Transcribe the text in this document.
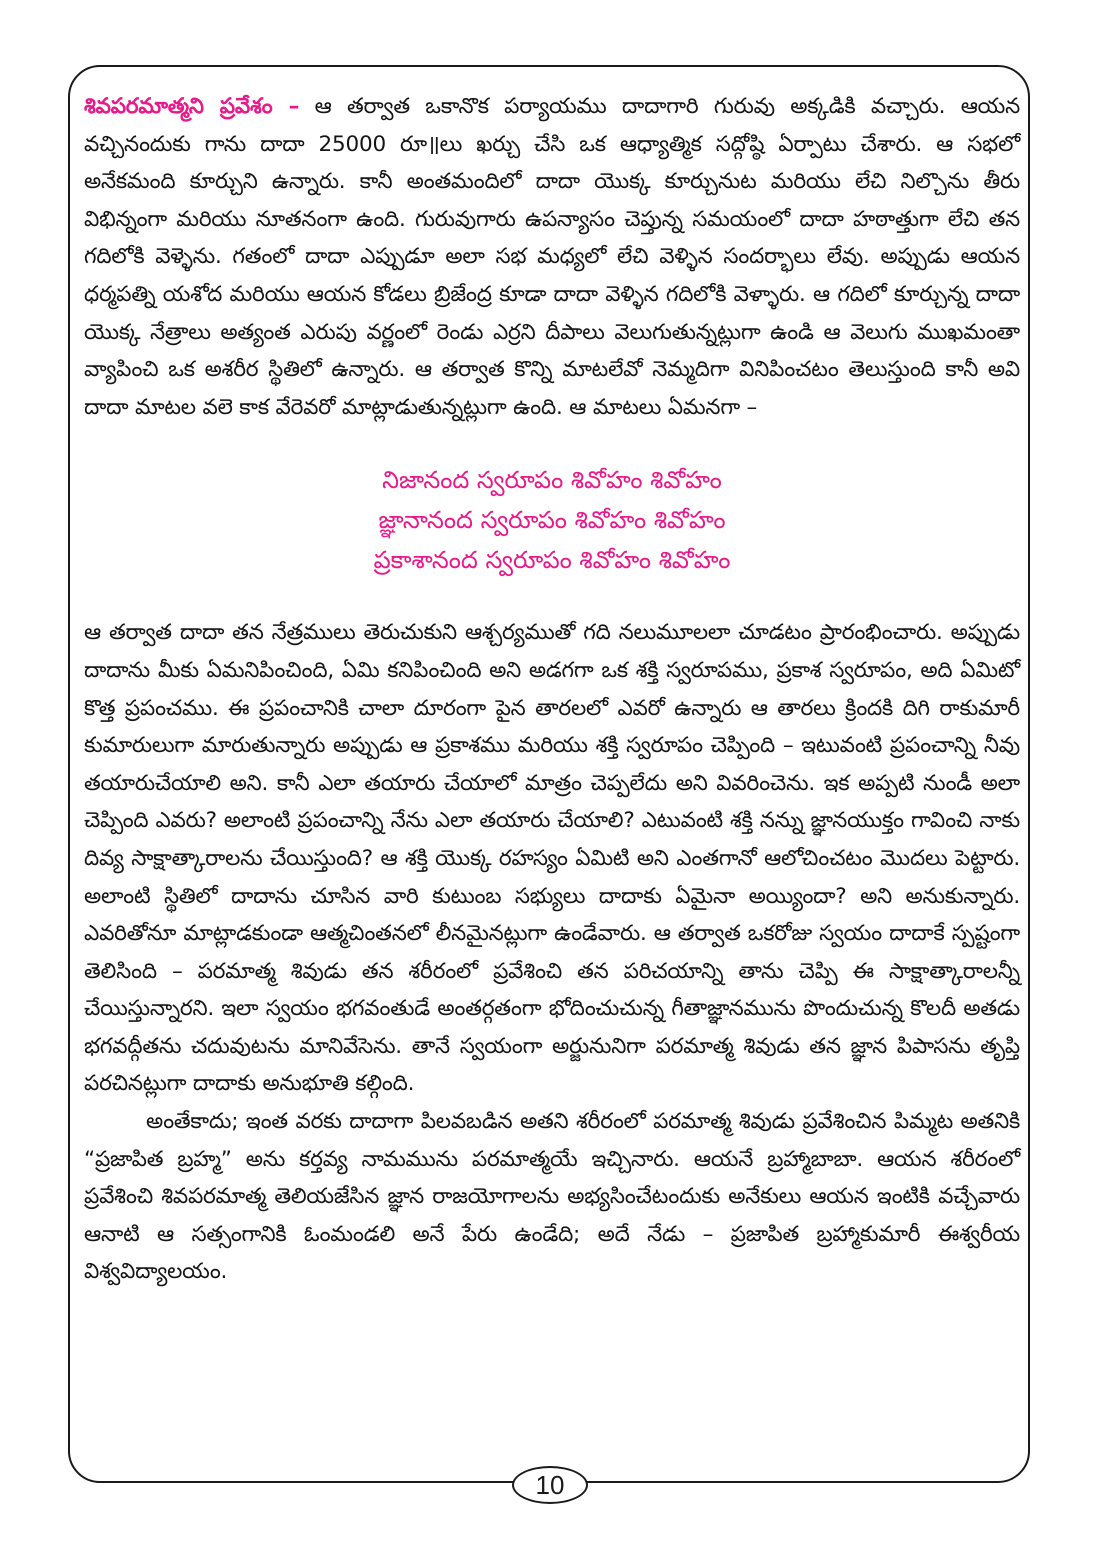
శివపరమాత్మని ప్రవేశం – ఆ తర్వాత ఒకానొక పర్యాయము దాదాగారి గురువు అక్కడికి వచ్చారు. ఆయన వచ్చినందుకు గాను దాదా 25000 రూ॥లు ఖర్చు చేసి ఒక ఆధ్యాత్మిక సద్గోష్ఠి ఏర్పాటు చేశారు. ఆ సభలో అనేకమంది కూర్చుని ఉన్నారు. కానీ అంతమందిలో దాదా యొక్క కూర్చునుట మరియు లేచి నిల్చొను తీరు విభిన్నంగా మరియు నూతనంగా ఉంది. గురువుగారు ఉపన్యాసం చెప్తున్న సమయంలో దాదా హఠాత్తుగా లేచి తన గదిలోకి వెళ్ళెను. గతంలో దాదా ఎప్పుడూ అలా సభ మధ్యలో లేచి వెళ్ళిన సందర్భాలు లేవు. అప్పుడు ఆయన ధర్మపత్ని యశోద మరియు ఆయన కోడలు బ్రిజేంద్ర కూడా దాదా వెళ్ళిన గదిలోకి వెళ్ళారు. ఆ గదిలో కూర్చున్న దాదా యొక్క నేత్రాలు అత్యంత ఎరుపు వర్ణంలో రెండు ఎర్రని దీపాలు వెలుగుతున్నట్లుగా ఉండి ఆ వెలుగు ముఖమంతా వ్యాపించి ఒక అశరీర స్థితిలో ఉన్నారు. ఆ తర్వాత కొన్ని మాటలేవో నెమ్మదిగా వినిపించటం తెలుస్తుంది కానీ అవి దాదా మాటల వలె కాక వేరెవరో మాట్లాడుతున్నట్లుగా ఉంది. ఆ మాటలు ఏమనగా –

నిజానంద స్వరూపం శివోహం శివోహం
జ్ఞానానంద స్వరూపం శివోహం శివోహం
ప్రకాశానంద స్వరూపం శివోహం శివోహం

ఆ తర్వాత దాదా తన నేత్రములు తెరుచుకుని ఆశ్చర్యముతో గది నలుమూలలా చూడటం ప్రారంభించారు. అప్పుడు దాదాను మీకు ఏమనిపించింది, ఏమి కనిపించింది అని అడగగా ఒక శక్తి స్వరూపము, ప్రకాశ స్వరూపం, అది ఏమిటో కొత్త ప్రపంచము. ఈ ప్రపంచానికి చాలా దూరంగా పైన తారలలో ఎవరో ఉన్నారు ఆ తారలు క్రిందకి దిగి రాకుమారీ కుమారులుగా మారుతున్నారు అప్పుడు ఆ ప్రకాశము మరియు శక్తి స్వరూపం చెప్పింది – ఇటువంటి ప్రపంచాన్ని నీవు తయారుచేయాలి అని. కానీ ఎలా తయారు చేయాలో మాత్రం చెప్పలేదు అని వివరించెను. ఇక అప్పటి నుండీ అలా చెప్పింది ఎవరు? అలాంటి ప్రపంచాన్ని నేను ఎలా తయారు చేయాలి? ఎటువంటి శక్తి నన్ను జ్ఞానయుక్తం గావించి నాకు దివ్య సాక్షాత్కారాలను చేయిస్తుంది? ఆ శక్తి యొక్క రహస్యం ఏమిటి అని ఎంతగానో ఆలోచించటం మొదలు పెట్టారు. అలాంటి స్థితిలో దాదాను చూసిన వారి కుటుంబ సభ్యులు దాదాకు ఏమైనా అయ్యిందా? అని అనుకున్నారు. ఎవరితోనూ మాట్లాడకుండా ఆత్మచింతనలో లీనమైనట్లుగా ఉండేవారు. ఆ తర్వాత ఒకరోజు స్వయం దాదాకే స్పష్టంగా తెలిసింది – పరమాత్మ శివుడు తన శరీరంలో ప్రవేశించి తన పరిచయాన్ని తాను చెప్పి ఈ సాక్షాత్కారాలన్నీ చేయిస్తున్నారని. ఇలా స్వయం భగవంతుడే అంతర్గతంగా భోదించుచున్న గీతాజ్ఞానమును పొందుచున్న కొలదీ అతడు భగవద్గీతను చదువుటను మానివేసెను. తానే స్వయంగా అర్జునునిగా పరమాత్మ శివుడు తన జ్ఞాన పిపాసను తృప్తి పరచినట్లుగా దాదాకు అనుభూతి కల్గింది.

అంతేకాదు; ఇంత వరకు దాదాగా పిలవబడిన అతని శరీరంలో పరమాత్మ శివుడు ప్రవేశించిన పిమ్మట అతనికి “ప్రజాపిత బ్రహ్మ” అను కర్తవ్య నామమును పరమాత్మయే ఇచ్చినారు. ఆయనే బ్రహ్మాబాబా. ఆయన శరీరంలో ప్రవేశించి శివపరమాత్మ తెలియజేసిన జ్ఞాన రాజయోగాలను అభ్యసించేటందుకు అనేకులు ఆయన ఇంటికి వచ్చేవారు ఆనాటి ఆ సత్సంగానికి ఓంమండలి అనే పేరు ఉండేది; అదే నేడు – ప్రజాపిత బ్రహ్మాకుమారీ ఈశ్వరీయ విశ్వవిద్యాలయం.

10
